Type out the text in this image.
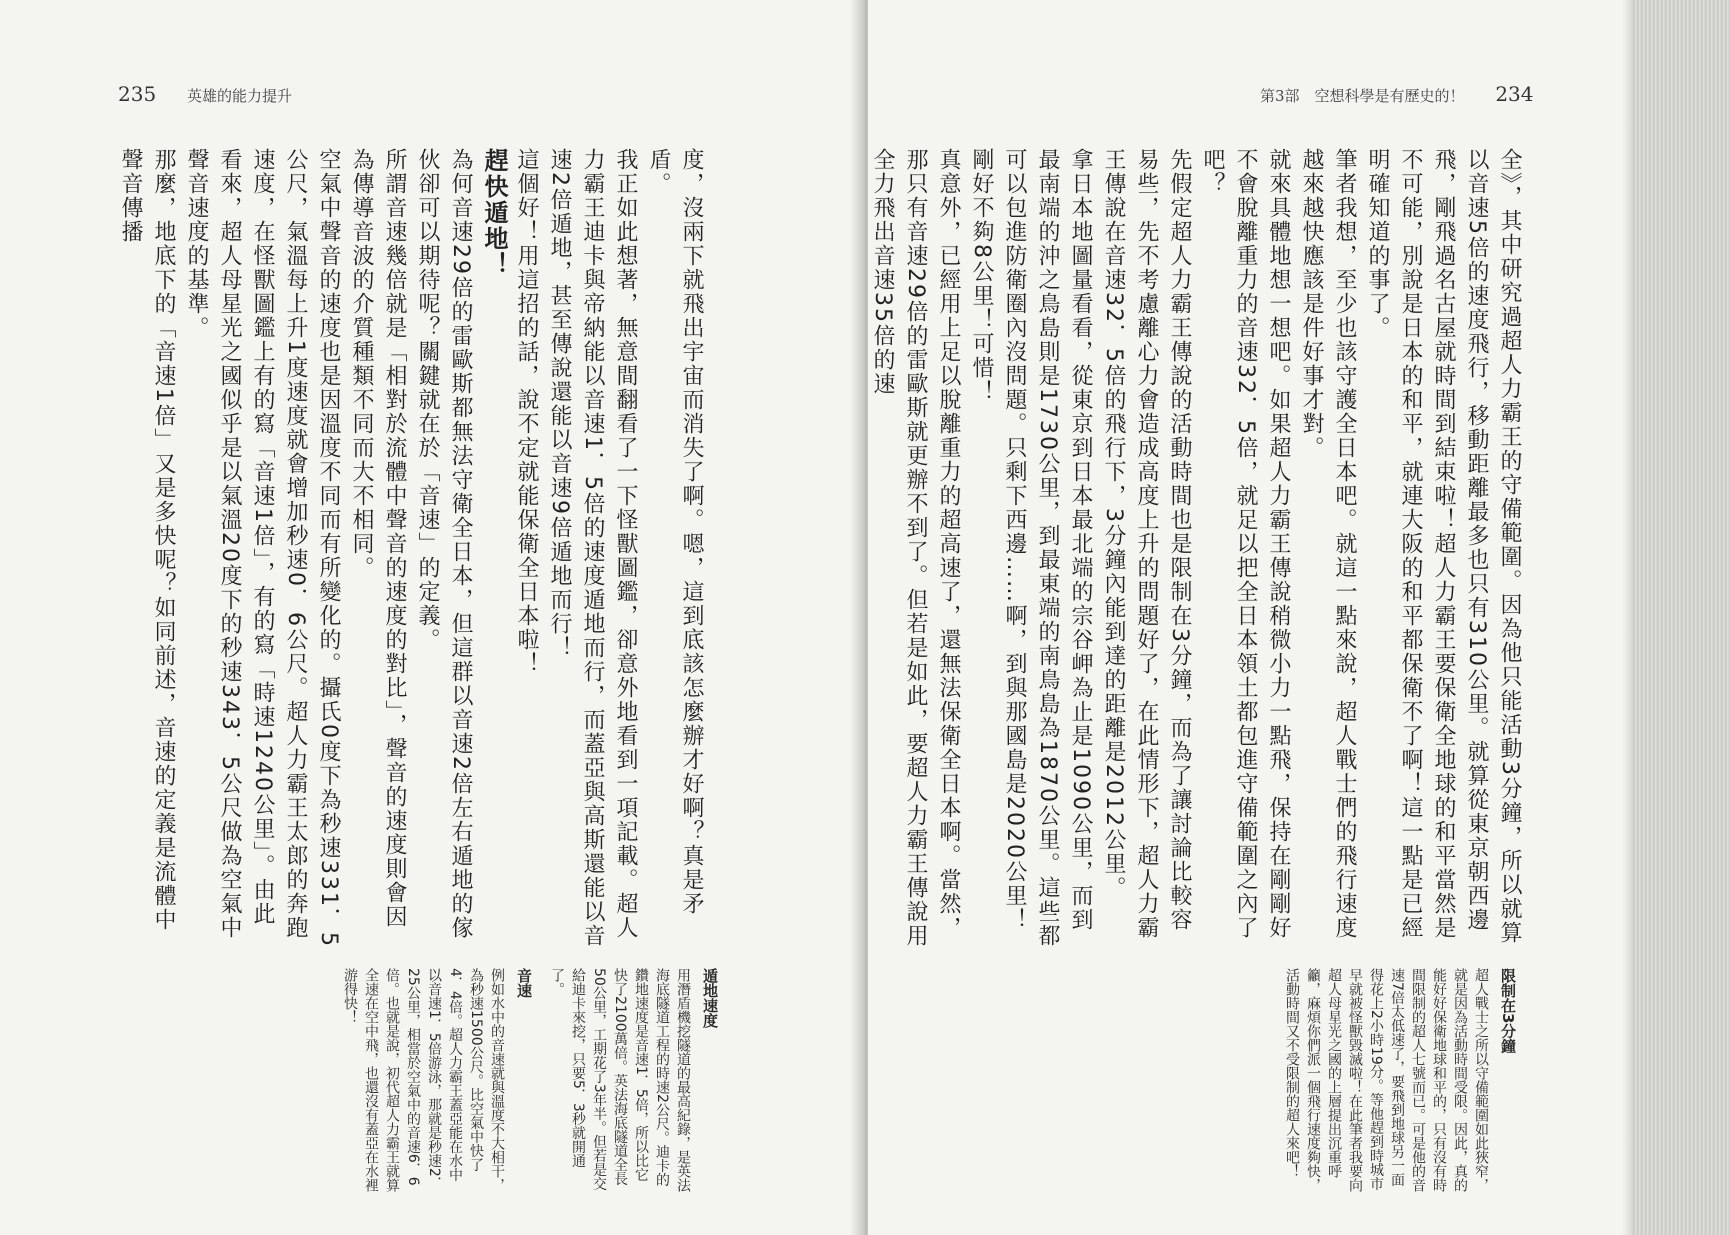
235 英雄的能力提升

度，沒兩下就飛出宇宙而消失了啊。嗯，這到底該怎麼辦才好啊？真是矛盾。

我正如此想著，無意間翻看了一下怪獸圖鑑，卻意外地看到一項記載。超人力霸王迪卡與帝納能以音速1．5倍的速度遁地而行，而蓋亞與高斯還能以音速2倍遁地，甚至傳說還能以音速9倍遁地而行！

這個好！用這招的話，說不定就能保衛全日本啦！

趕快遁地！

為何音速29倍的雷歐斯都無法守衛全日本，但這群以音速2倍左右遁地的傢伙卻可以期待呢？關鍵就在於「音速」的定義。

所謂音速幾倍就是「相對於流體中聲音的速度的對比」，聲音的速度則會因為傳導音波的介質種類不同而大不相同。

空氣中聲音的速度也是因溫度不同而有所變化的。攝氏0度下為秒速331．5公尺，氣溫每上升1度速度就會增加秒速0．6公尺。超人力霸王太郎的奔跑速度，在怪獸圖鑑上有的寫「音速1倍」，有的寫「時速1240公里」。由此看來，超人母星光之國似乎是以氣溫20度下的秒速343．5公尺做為空氣中聲音速度的基準。

那麼，地底下的「音速1倍」又是多快呢？如同前述，音速的定義是流體中聲音傳播

遁地速度

用潛盾機挖隧道的最高紀錄，是英法海底隧道工程的時速2公尺。迪卡的鑽地速度是音速1．5倍，所以比它快了2100萬倍。英法海底隧道全長50公里，工期花了3年半。但若是交給迪卡來挖，只要5．3秒就開通了。

音速

例如水中的音速就與溫度不大相干，為秒速1500公尺。比空氣中快了4．4倍。超人力霸王蓋亞能在水中以音速1．5倍游泳，那就是秒速2．25公里，相當於空氣中的音速6．6倍。也就是說，初代超人力霸王就算全速在空中飛，也還沒有蓋亞在水裡游得快！

第3部　空想科學是有歷史的！ 234

全》，其中研究過超人力霸王的守備範圍。因為他只能活動3分鐘，所以就算以音速5倍的速度飛行，移動距離最多也只有310公里。就算從東京朝西邊飛，剛飛過名古屋就時間到結束啦！超人力霸王要保衛全地球的和平當然是不可能，別說是日本的和平，就連大阪的和平都保衛不了啊！這一點是已經明確知道的事了。

筆者我想，至少也該守護全日本吧。就這一點來說，超人戰士們的飛行速度越來越快應該是件好事才對。

就來具體地想一想吧。如果超人力霸王傳說稍微小力一點飛，保持在剛剛好不會脫離重力的音速32．5倍，就足以把全日本領土都包進守備範圍之內了吧？

先假定超人力霸王傳說的活動時間也是限制在3分鐘，而為了讓討論比較容易些，先不考慮離心力會造成高度上升的問題好了，在此情形下，超人力霸王傳說在音速32．5倍的飛行下，3分鐘內能到達的距離是2012公里。

拿日本地圖量看看，從東京到日本最北端的宗谷岬為止是1090公里，而到最南端的沖之鳥島則是1730公里，到最東端的南鳥島為1870公里。這些都可以包進防衛圈內沒問題。只剩下西邊……啊，到與那國島是2020公里！剛好不夠8公里！可惜！

真意外，已經用上足以脫離重力的超高速了，還無法保衛全日本啊。當然，那只有音速29倍的雷歐斯就更辦不到了。但若是如此，要超人力霸王傳說用全力飛出音速35倍的速

限制在3分鐘

超人戰士之所以守備範圍如此狹窄，就是因為活動時間受限。因此，真的能好好保衛地球和平的，只有沒有時間限制的超人七號而已。可是他的音速7倍太低速了，要飛到地球另一面得花上2小時19分。等他趕到時城市早就被怪獸毀滅啦！在此筆者我要向超人母星光之國的上層提出沉重呼籲，麻煩你們派一個飛行速度夠快，活動時間又不受限制的超人來吧！
